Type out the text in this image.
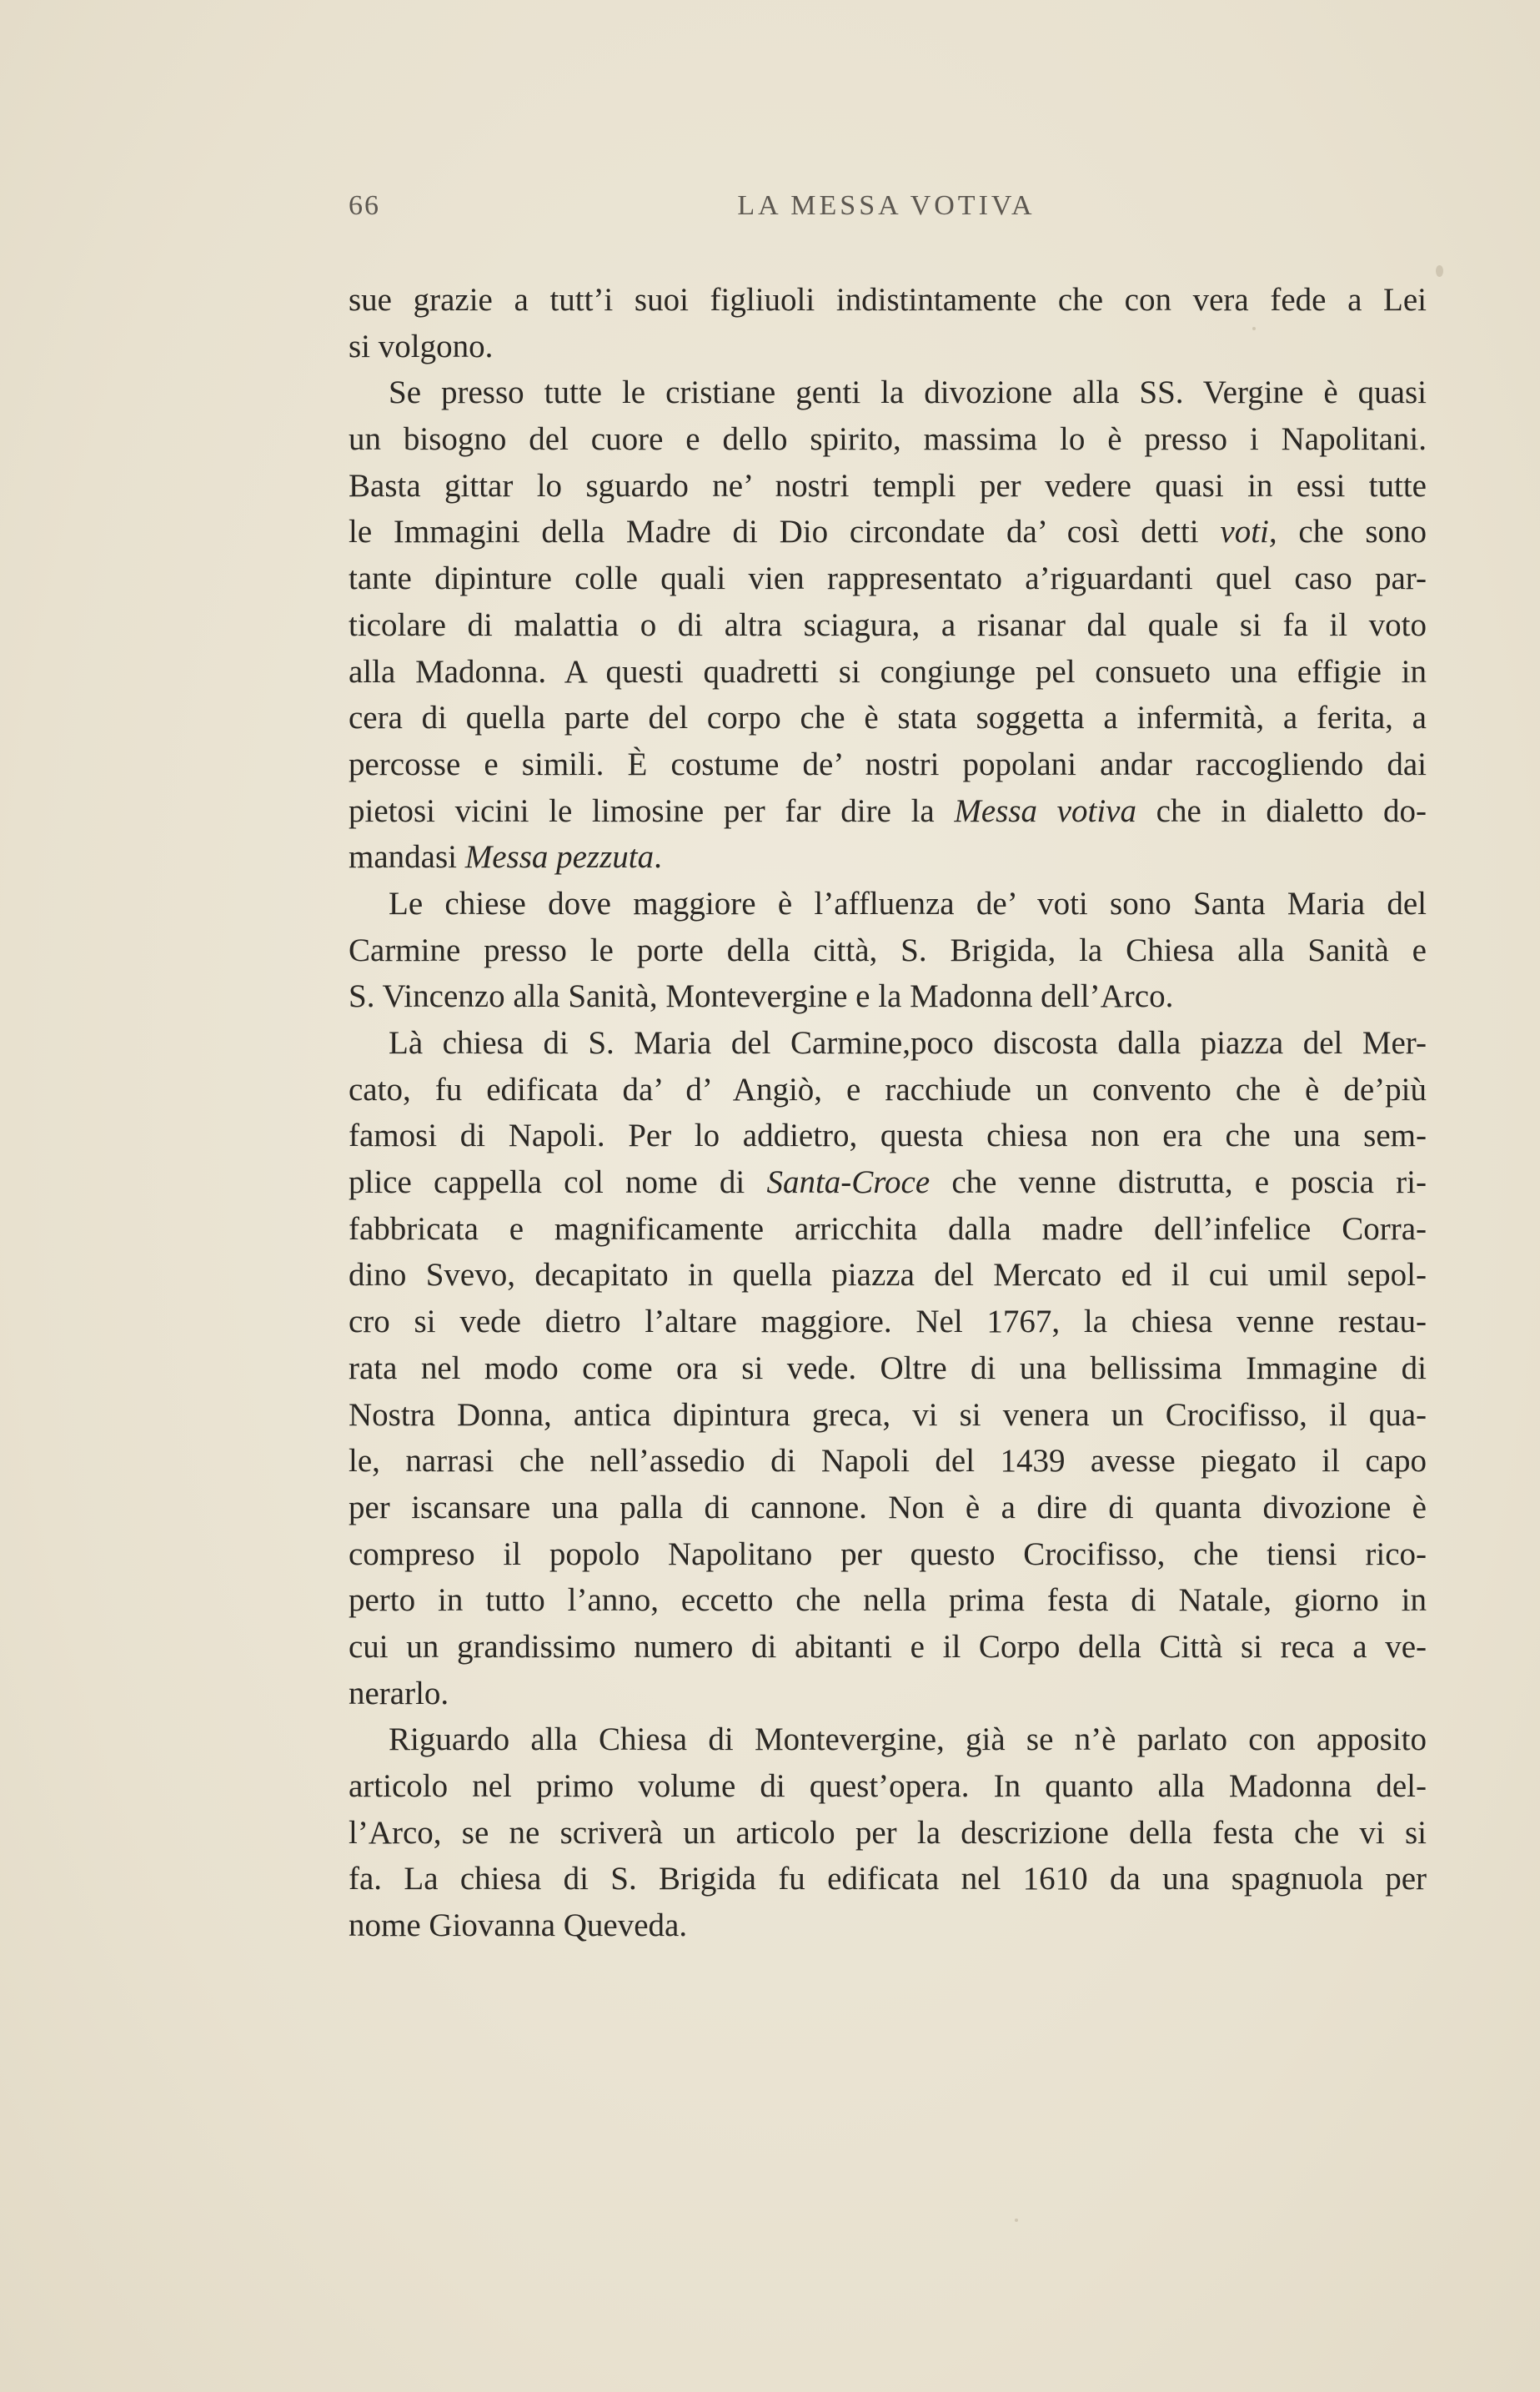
66	LA MESSA VOTIVA
sue grazie a tutt’i suoi figliuoli indistintamente che con vera fede a Lei
si volgono.
Se presso tutte le cristiane genti la divozione alla SS. Vergine è quasi
un bisogno del cuore e dello spirito, massima lo è presso i Napolitani.
Basta gittar lo sguardo ne’ nostri templi per vedere quasi in essi tutte
le Immagini della Madre di Dio circondate da’ così detti voti, che sono
tante dipinture colle quali vien rappresentato a’riguardanti quel caso par-
ticolare di malattia o di altra sciagura, a risanar dal quale si fa il voto
alla Madonna. A questi quadretti si congiunge pel consueto una effigie in
cera di quella parte del corpo che è stata soggetta a infermità, a ferita, a
percosse e simili. È costume de’ nostri popolani andar raccogliendo dai
pietosi vicini le limosine per far dire la Messa votiva che in dialetto do-
mandasi Messa pezzuta.
Le chiese dove maggiore è l’affluenza de’ voti sono Santa Maria del
Carmine presso le porte della città, S. Brigida, la Chiesa alla Sanità e
S. Vincenzo alla Sanità, Montevergine e la Madonna dell’Arco.
Là chiesa di S. Maria del Carmine,poco discosta dalla piazza del Mer-
cato, fu edificata da’ d’ Angiò, e racchiude un convento che è de’più
famosi di Napoli. Per lo addietro, questa chiesa non era che una sem-
plice cappella col nome di Santa-Croce che venne distrutta, e poscia ri-
fabbricata e magnificamente arricchita dalla madre dell’infelice Corra-
dino Svevo, decapitato in quella piazza del Mercato ed il cui umil sepol-
cro si vede dietro l’altare maggiore. Nel 1767, la chiesa venne restau-
rata nel modo come ora si vede. Oltre di una bellissima Immagine di
Nostra Donna, antica dipintura greca, vi si venera un Crocifisso, il qua-
le, narrasi che nell’assedio di Napoli del 1439 avesse piegato il capo
per iscansare una palla di cannone. Non è a dire di quanta divozione è
compreso il popolo Napolitano per questo Crocifisso, che tiensi rico-
perto in tutto l’anno, eccetto che nella prima festa di Natale, giorno in
cui un grandissimo numero di abitanti e il Corpo della Città si reca a ve-
nerarlo.
Riguardo alla Chiesa di Montevergine, già se n’è parlato con apposito
articolo nel primo volume di quest’opera. In quanto alla Madonna del-
l’Arco, se ne scriverà un articolo per la descrizione della festa che vi si
fa. La chiesa di S. Brigida fu edificata nel 1610 da una spagnuola per
nome Giovanna Queveda.
